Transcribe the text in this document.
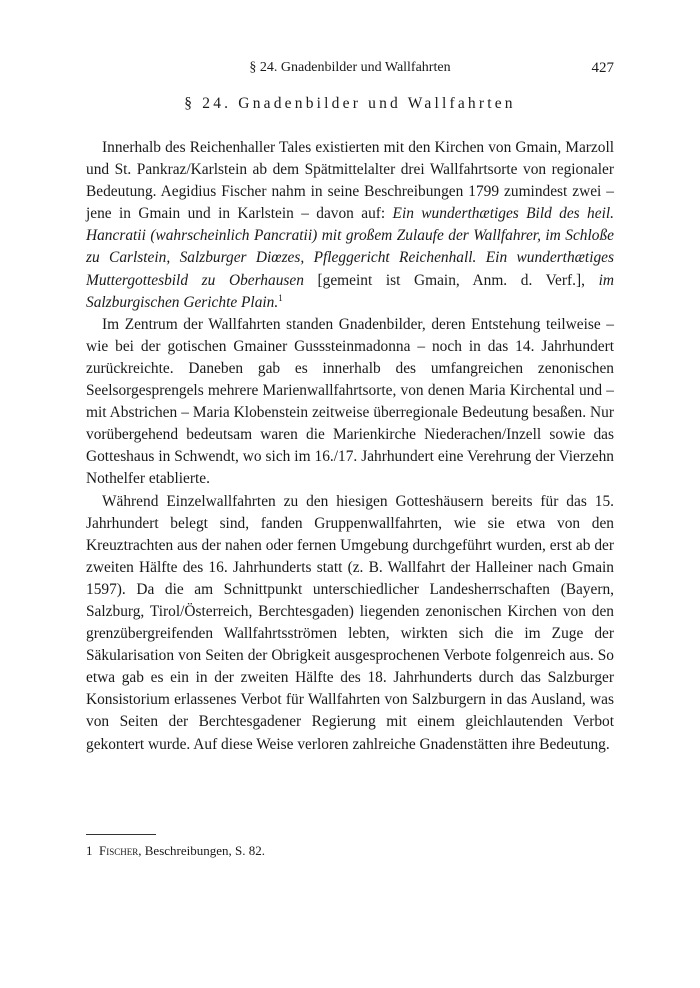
§ 24. Gnadenbilder und Wallfahrten	427
§ 24. Gnadenbilder und Wallfahrten

Innerhalb des Reichenhaller Tales existierten mit den Kirchen von Gmain, Marzoll und St. Pankraz/Karlstein ab dem Spätmittelalter drei Wallfahrtsorte von regionaler Bedeutung. Aegidius Fischer nahm in seine Beschreibungen 1799 zumindest zwei – jene in Gmain und in Karlstein – davon auf: Ein wunderthætiges Bild des heil. Hancratii (wahrscheinlich Pancratii) mit großem Zulaufe der Wallfahrer, im Schloße zu Carlstein, Salzburger Diœzes, Pfleggericht Reichenhall. Ein wunderthætiges Muttergottesbild zu Oberhausen [gemeint ist Gmain, Anm. d. Verf.], im Salzburgischen Gerichte Plain.$^1$

Im Zentrum der Wallfahrten standen Gnadenbilder, deren Entstehung teilweise – wie bei der gotischen Gmainer Gusssteinmadonna – noch in das 14. Jahrhundert zurückreichte. Daneben gab es innerhalb des umfangreichen zenonischen Seelsorgesprengels mehrere Marienwallfahrtsorte, von denen Maria Kirchental und – mit Abstrichen – Maria Klobenstein zeitweise überregionale Bedeutung besaßen. Nur vorübergehend bedeutsam waren die Marienkirche Niederachen/Inzell sowie das Gotteshaus in Schwendt, wo sich im 16./17. Jahrhundert eine Verehrung der Vierzehn Nothelfer etablierte.

Während Einzelwallfahrten zu den hiesigen Gotteshäusern bereits für das 15. Jahrhundert belegt sind, fanden Gruppenwallfahrten, wie sie etwa von den Kreuztrachten aus der nahen oder fernen Umgebung durchgeführt wurden, erst ab der zweiten Hälfte des 16. Jahrhunderts statt (z. B. Wallfahrt der Halleiner nach Gmain 1597). Da die am Schnittpunkt unterschiedlicher Landesherrschaften (Bayern, Salzburg, Tirol/Österreich, Berchtesgaden) liegenden zenonischen Kirchen von den grenzübergreifenden Wallfahrtsströmen lebten, wirkten sich die im Zuge der Säkularisation von Seiten der Obrigkeit ausgesprochenen Verbote folgenreich aus. So etwa gab es ein in der zweiten Hälfte des 18. Jahrhunderts durch das Salzburger Konsistorium erlassenes Verbot für Wallfahrten von Salzburgern in das Ausland, was von Seiten der Berchtesgadener Regierung mit einem gleichlautenden Verbot gekontert wurde. Auf diese Weise verloren zahlreiche Gnadenstätten ihre Bedeutung.

1 Fischer, Beschreibungen, S. 82.
